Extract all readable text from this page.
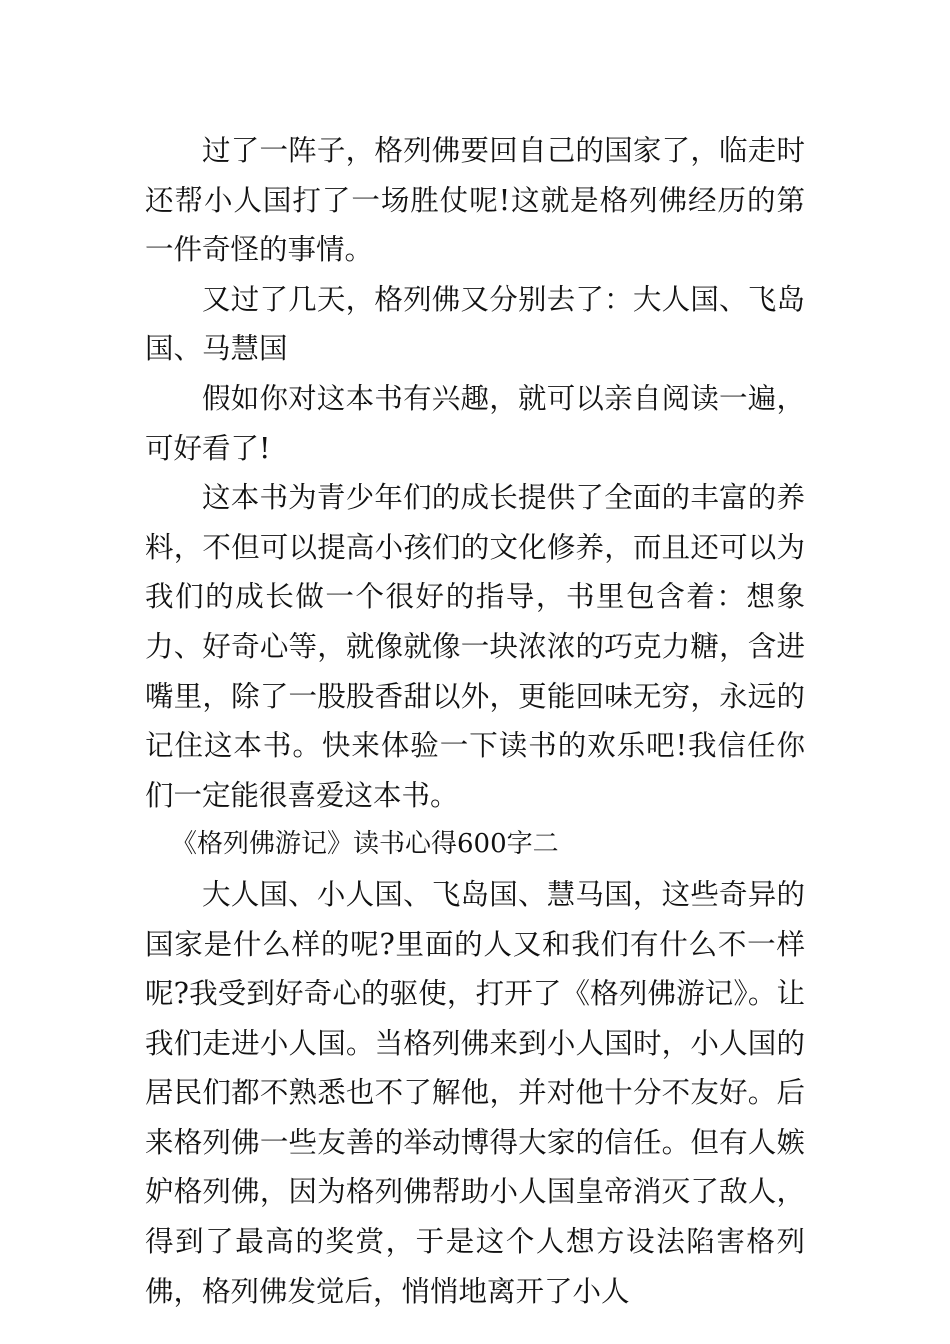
过了一阵子，格列佛要回自己的国家了，临走时还帮小人国打了一场胜仗呢!这就是格列佛经历的第一件奇怪的事情。

又过了几天，格列佛又分别去了：大人国、飞岛国、马慧国

假如你对这本书有兴趣，就可以亲自阅读一遍，可好看了!

这本书为青少年们的成长提供了全面的丰富的养料，不但可以提高小孩们的文化修养，而且还可以为我们的成长做一个很好的指导，书里包含着：想象力、好奇心等，就像就像一块浓浓的巧克力糖，含进嘴里，除了一股股香甜以外，更能回味无穷，永远的记住这本书。快来体验一下读书的欢乐吧!我信任你们一定能很喜爱这本书。

《格列佛游记》读书心得600字二

大人国、小人国、飞岛国、慧马国，这些奇异的国家是什么样的呢?里面的人又和我们有什么不一样呢?我受到好奇心的驱使，打开了《格列佛游记》。让我们走进小人国。当格列佛来到小人国时，小人国的居民们都不熟悉也不了解他，并对他十分不友好。后来格列佛一些友善的举动博得大家的信任。但有人嫉妒格列佛，因为格列佛帮助小人国皇帝消灭了敌人，得到了最高的奖赏，于是这个人想方设法陷害格列佛，格列佛发觉后，悄悄地离开了小人
